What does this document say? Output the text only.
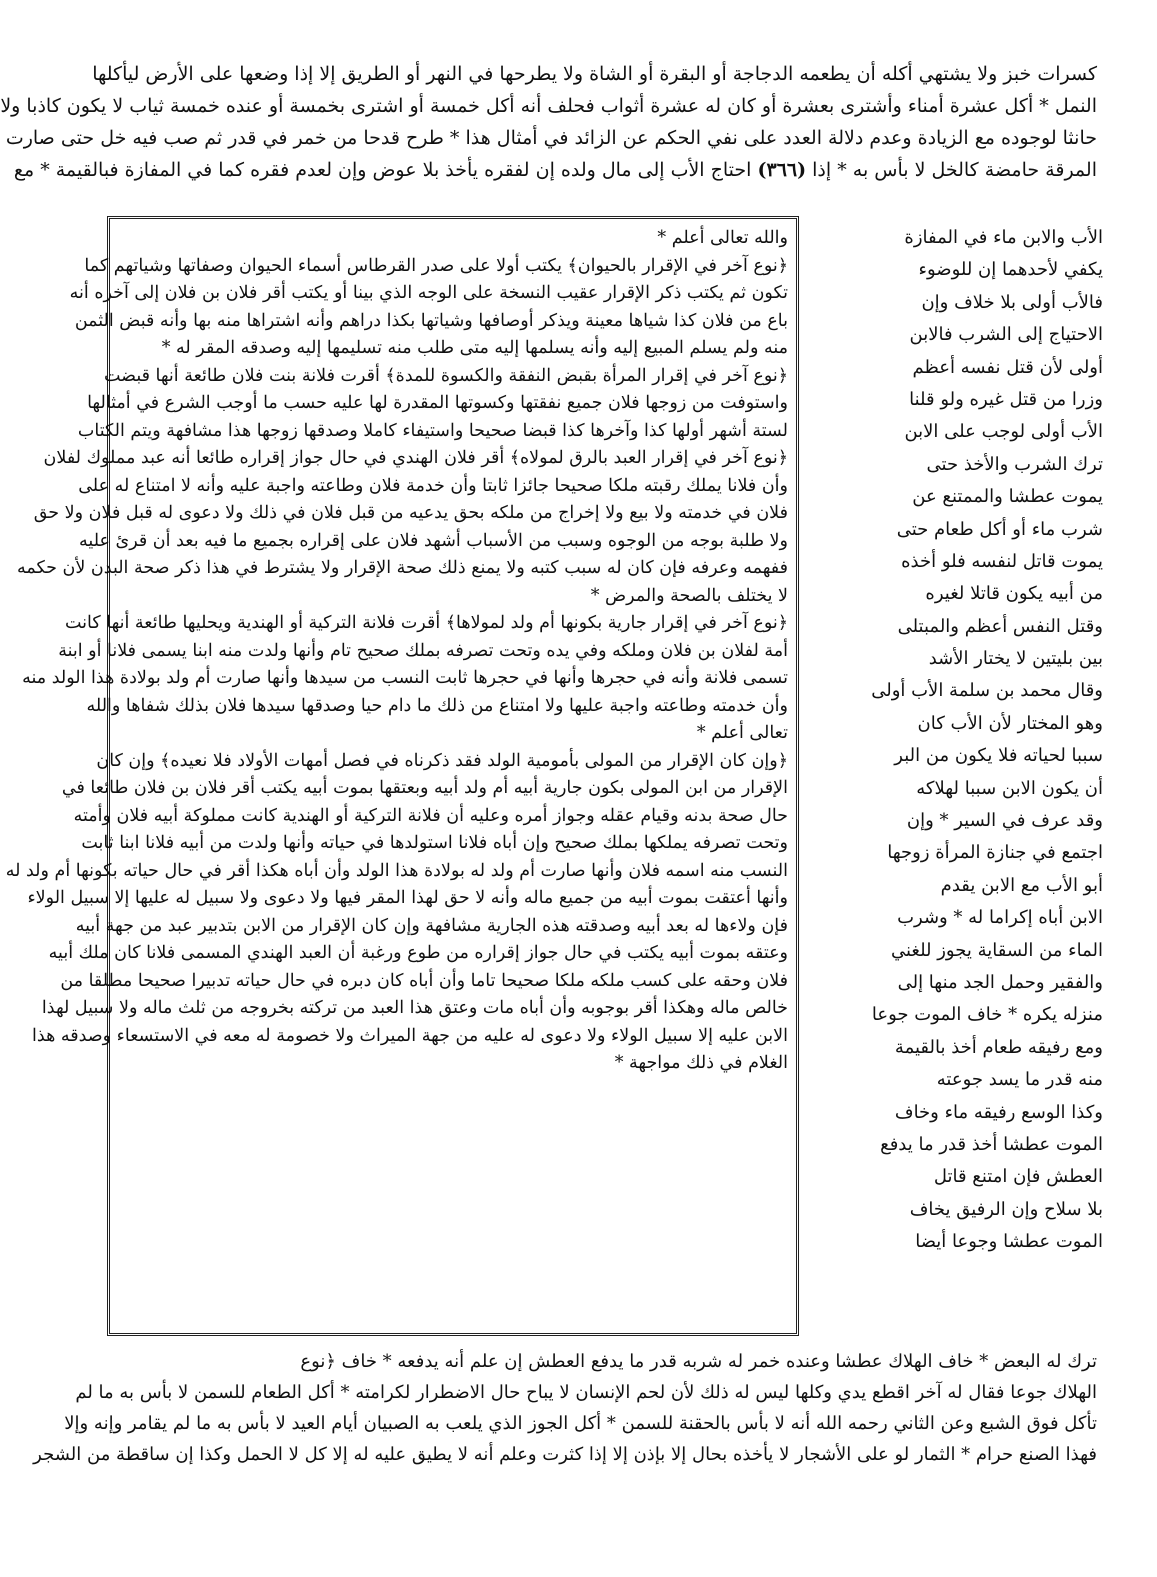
كسرات خبز ولا يشتهي أكله أن يطعمه الدجاجة أو البقرة أو الشاة ولا يطرحها في النهر أو الطريق إلا إذا وضعها على الأرض ليأكلها
النمل * أكل عشرة أمناء وأشترى بعشرة أو كان له عشرة أثواب فحلف أنه أكل خمسة أو اشترى بخمسة أو عنده خمسة ثياب لا يكون كاذبا ولا
حانثا لوجوده مع الزيادة وعدم دلالة العدد على نفي الحكم عن الزائد في أمثال هذا * طرح قدحا من خمر في قدر ثم صب فيه خل حتى صارت
المرقة حامضة كالخل لا بأس به * إذا (٣٦٦) احتاج الأب إلى مال ولده إن لفقره يأخذ بلا عوض وإن لعدم فقره كما في المفازة فبالقيمة * مع
والله تعالى أعلم *
﴿نوع آخر في الإقرار بالحيوان﴾ يكتب أولا على صدر القرطاس أسماء الحيوان وصفاتها وشياتهم كما
تكون ثم يكتب ذكر الإقرار عقيب النسخة على الوجه الذي بينا أو يكتب أقر فلان بن فلان إلى آخره أنه
باع من فلان كذا شياها معينة ويذكر أوصافها وشياتها بكذا دراهم وأنه اشتراها منه بها وأنه قبض الثمن
منه ولم يسلم المبيع إليه وأنه يسلمها إليه متى طلب منه تسليمها إليه وصدقه المقر له *
﴿نوع آخر في إقرار المرأة بقبض النفقة والكسوة للمدة﴾ أقرت فلانة بنت فلان طائعة أنها قبضت
واستوفت من زوجها فلان جميع نفقتها وكسوتها المقدرة لها عليه حسب ما أوجب الشرع في أمثالها
لستة أشهر أولها كذا وآخرها كذا قبضا صحيحا واستيفاء كاملا وصدقها زوجها هذا مشافهة ويتم الكتاب
﴿نوع آخر في إقرار العبد بالرق لمولاه﴾ أقر فلان الهندي في حال جواز إقراره طائعا أنه عبد مملوك لفلان
وأن فلانا يملك رقبته ملكا صحيحا جائزا ثابتا وأن خدمة فلان وطاعته واجبة عليه وأنه لا امتناع له على
فلان في خدمته ولا بيع ولا إخراج من ملكه بحق يدعيه من قبل فلان في ذلك ولا دعوى له قبل فلان ولا حق
ولا طلبة بوجه من الوجوه وسبب من الأسباب أشهد فلان على إقراره بجميع ما فيه بعد أن قرئ عليه
ففهمه وعرفه فإن كان له سبب كتبه ولا يمنع ذلك صحة الإقرار ولا يشترط في هذا ذكر صحة البدن لأن حكمه
لا يختلف بالصحة والمرض *
﴿نوع آخر في إقرار جارية بكونها أم ولد لمولاها﴾ أقرت فلانة التركية أو الهندية ويحليها طائعة أنها كانت
أمة لفلان بن فلان وملكه وفي يده وتحت تصرفه بملك صحيح تام وأنها ولدت منه ابنا يسمى فلانا أو ابنة
تسمى فلانة وأنه في حجرها وأنها في حجرها ثابت النسب من سيدها وأنها صارت أم ولد بولادة هذا الولد منه
وأن خدمته وطاعته واجبة عليها ولا امتناع من ذلك ما دام حيا وصدقها سيدها فلان بذلك شفاها والله
تعالى أعلم *
﴿وإن كان الإقرار من المولى بأمومية الولد فقد ذكرناه في فصل أمهات الأولاد فلا نعيده﴾ وإن كان
الإقرار من ابن المولى بكون جارية أبيه أم ولد أبيه وبعتقها بموت أبيه يكتب أقر فلان بن فلان طائعا في
حال صحة بدنه وقيام عقله وجواز أمره وعليه أن فلانة التركية أو الهندية كانت مملوكة أبيه فلان وأمته
وتحت تصرفه يملكها بملك صحيح وإن أباه فلانا استولدها في حياته وأنها ولدت من أبيه فلانا ابنا ثابت
النسب منه اسمه فلان وأنها صارت أم ولد له بولادة هذا الولد وأن أباه هكذا أقر في حال حياته بكونها أم ولد له
وأنها أعتقت بموت أبيه من جميع ماله وأنه لا حق لهذا المقر فيها ولا دعوى ولا سبيل له عليها إلا سبيل الولاء
فإن ولاءها له بعد أبيه وصدقته هذه الجارية مشافهة وإن كان الإقرار من الابن بتدبير عبد من جهة أبيه
وعتقه بموت أبيه يكتب في حال جواز إقراره من طوع ورغبة أن العبد الهندي المسمى فلانا كان ملك أبيه
فلان وحقه على كسب ملكه ملكا صحيحا تاما وأن أباه كان دبره في حال حياته تدبيرا صحيحا مطلقا من
خالص ماله وهكذا أقر بوجوبه وأن أباه مات وعتق هذا العبد من تركته بخروجه من ثلث ماله ولا سبيل لهذا
الابن عليه إلا سبيل الولاء ولا دعوى له عليه من جهة الميراث ولا خصومة له معه في الاستسعاء وصدقه هذا
الغلام في ذلك مواجهة *
الأب والابن ماء في المفازة
يكفي لأحدهما إن للوضوء
فالأب أولى بلا خلاف وإن
الاحتياج إلى الشرب فالابن
أولى لأن قتل نفسه أعظم
وزرا من قتل غيره ولو قلنا
الأب أولى لوجب على الابن
ترك الشرب والأخذ حتى
يموت عطشا والممتنع عن
شرب ماء أو أكل طعام حتى
يموت قاتل لنفسه فلو أخذه
من أبيه يكون قاتلا لغيره
وقتل النفس أعظم والمبتلى
بين بليتين لا يختار الأشد
وقال محمد بن سلمة الأب أولى
وهو المختار لأن الأب كان
سببا لحياته فلا يكون من البر
أن يكون الابن سببا لهلاكه
وقد عرف في السير * وإن
اجتمع في جنازة المرأة زوجها
أبو الأب مع الابن يقدم
الابن أباه إكراما له * وشرب
الماء من السقاية يجوز للغني
والفقير وحمل الجد منها إلى
منزله يكره * خاف الموت جوعا
ومع رفيقه طعام أخذ بالقيمة
منه قدر ما يسد جوعته
وكذا الوسع رفيقه ماء وخاف
الموت عطشا أخذ قدر ما يدفع
العطش فإن امتنع قاتل
بلا سلاح وإن الرفيق يخاف
الموت عطشا وجوعا أيضا
ترك له البعض * خاف الهلاك عطشا وعنده خمر له شربه قدر ما يدفع العطش إن علم أنه يدفعه * خاف ﴿نوع
الهلاك جوعا فقال له آخر اقطع يدي وكلها ليس له ذلك لأن لحم الإنسان لا يباح حال الاضطرار لكرامته * أكل الطعام للسمن لا بأس به ما لم
تأكل فوق الشبع وعن الثاني رحمه الله أنه لا بأس بالحقنة للسمن * أكل الجوز الذي يلعب به الصبيان أيام العيد لا بأس به ما لم يقامر وإنه وإلا
فهذا الصنع حرام * الثمار لو على الأشجار لا يأخذه بحال إلا بإذن إلا إذا كثرت وعلم أنه لا يطيق عليه له إلا كل لا الحمل وكذا إن ساقطة من الشجر
